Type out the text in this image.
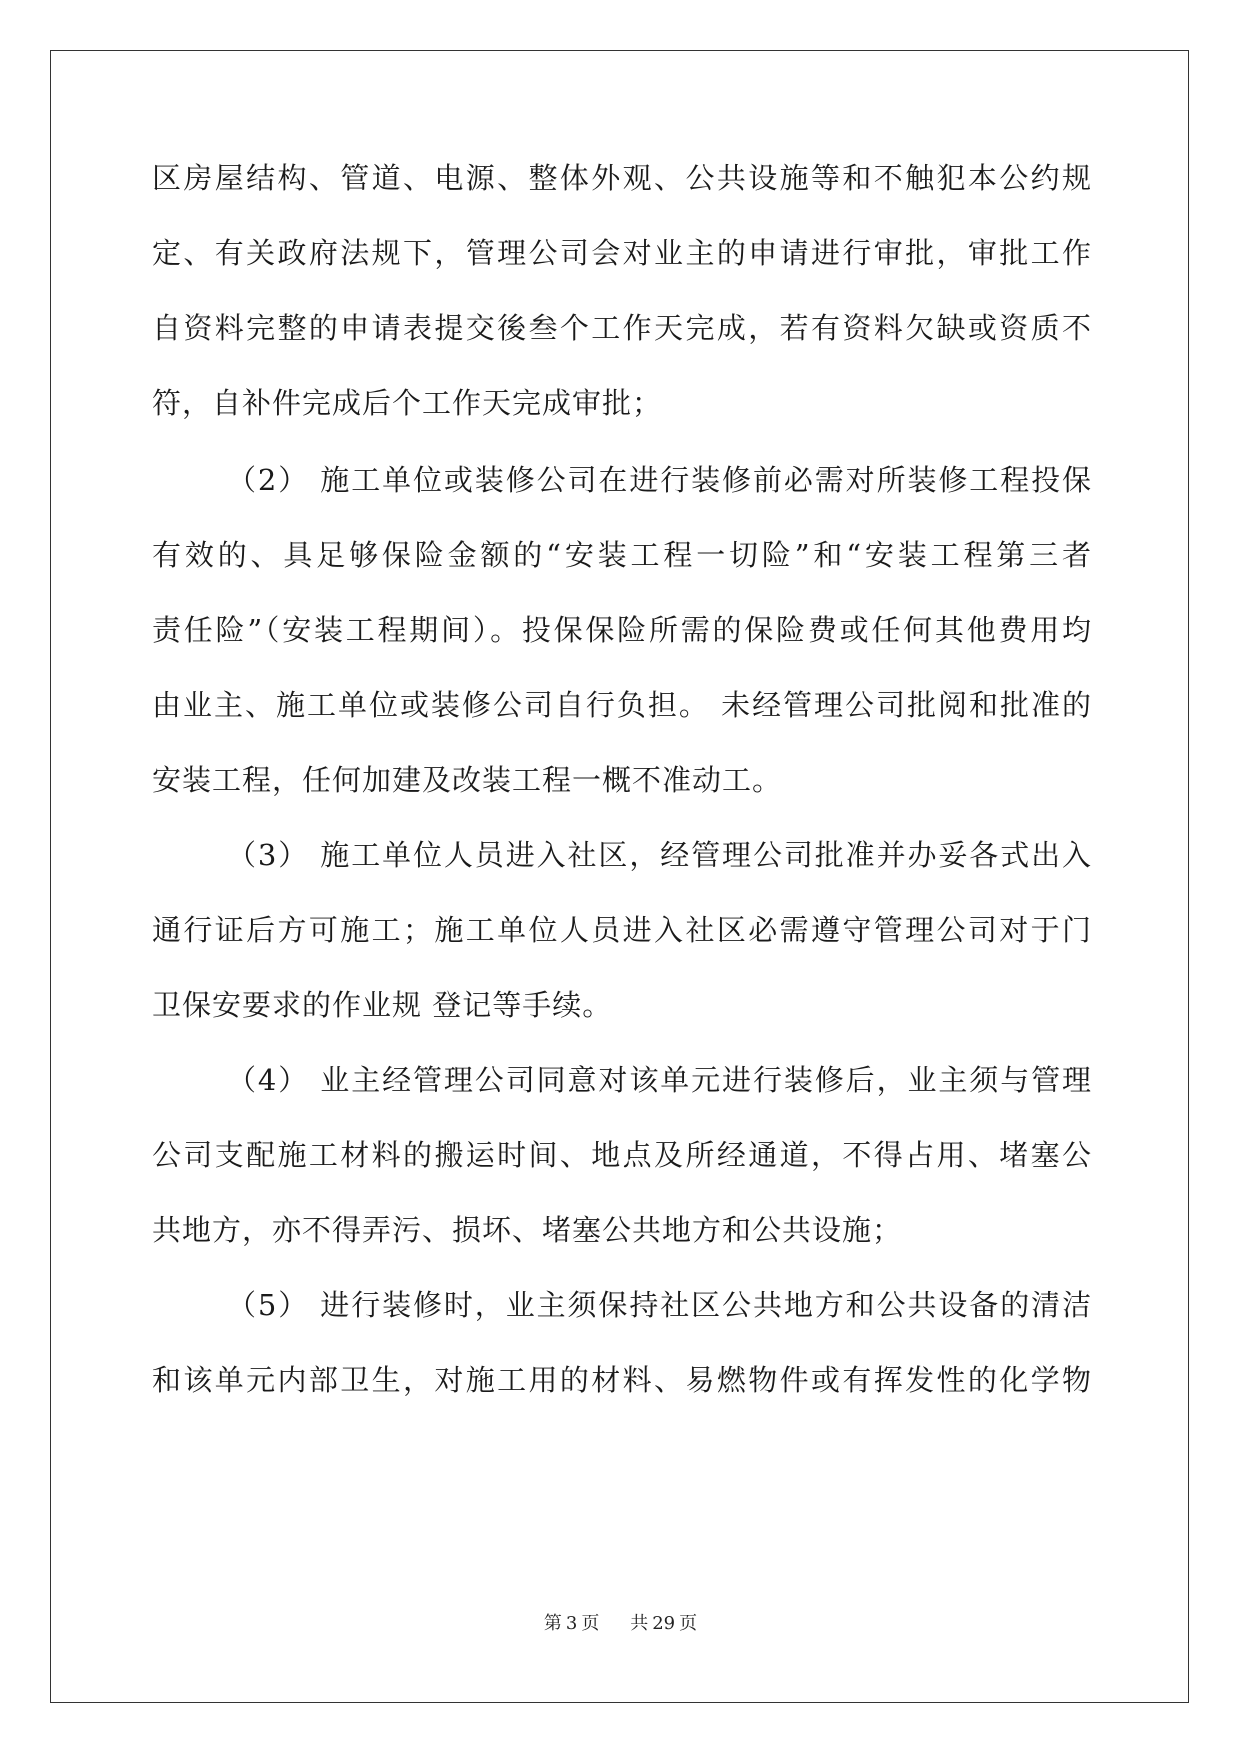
区房屋结构、管道、电源、整体外观、公共设施等和不触犯本公约规
定、有关政府法规下，管理公司会对业主的申请进行审批，审批工作
自资料完整的申请表提交後叁个工作天完成，若有资料欠缺或资质不
符，自补件完成后个工作天完成审批；
（2） 施工单位或装修公司在进行装修前必需对所装修工程投保
有效的、具足够保险金额的“安装工程一切险”和“安装工程第三者
责任险”（安装工程期间）。投保保险所需的保险费或任何其他费用均
由业主、施工单位或装修公司自行负担。 未经管理公司批阅和批准的
安装工程，任何加建及改装工程一概不准动工。
（3） 施工单位人员进入社区，经管理公司批准并办妥各式出入
通行证后方可施工；施工单位人员进入社区必需遵守管理公司对于门
卫保安要求的作业规 登记等手续。
（4） 业主经管理公司同意对该单元进行装修后，业主须与管理
公司支配施工材料的搬运时间、地点及所经通道，不得占用、堵塞公
共地方，亦不得弄污、损坏、堵塞公共地方和公共设施；
（5） 进行装修时，业主须保持社区公共地方和公共设备的清洁
和该单元内部卫生，对施工用的材料、易燃物件或有挥发性的化学物
第 3 页 共 29 页
